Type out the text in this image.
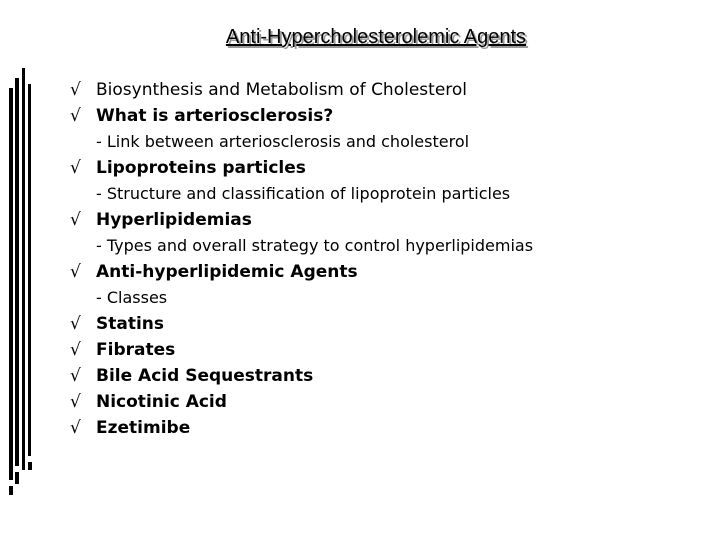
Anti-Hypercholesterolemic Agents
√ Biosynthesis and Metabolism of Cholesterol
√ What is arteriosclerosis?
- Link between arteriosclerosis and cholesterol
√ Lipoproteins particles
- Structure and classification of lipoprotein particles
√ Hyperlipidemias
- Types and overall strategy to control hyperlipidemias
√ Anti-hyperlipidemic Agents
- Classes
√ Statins
√ Fibrates
√ Bile Acid Sequestrants
√ Nicotinic Acid
√ Ezetimibe
